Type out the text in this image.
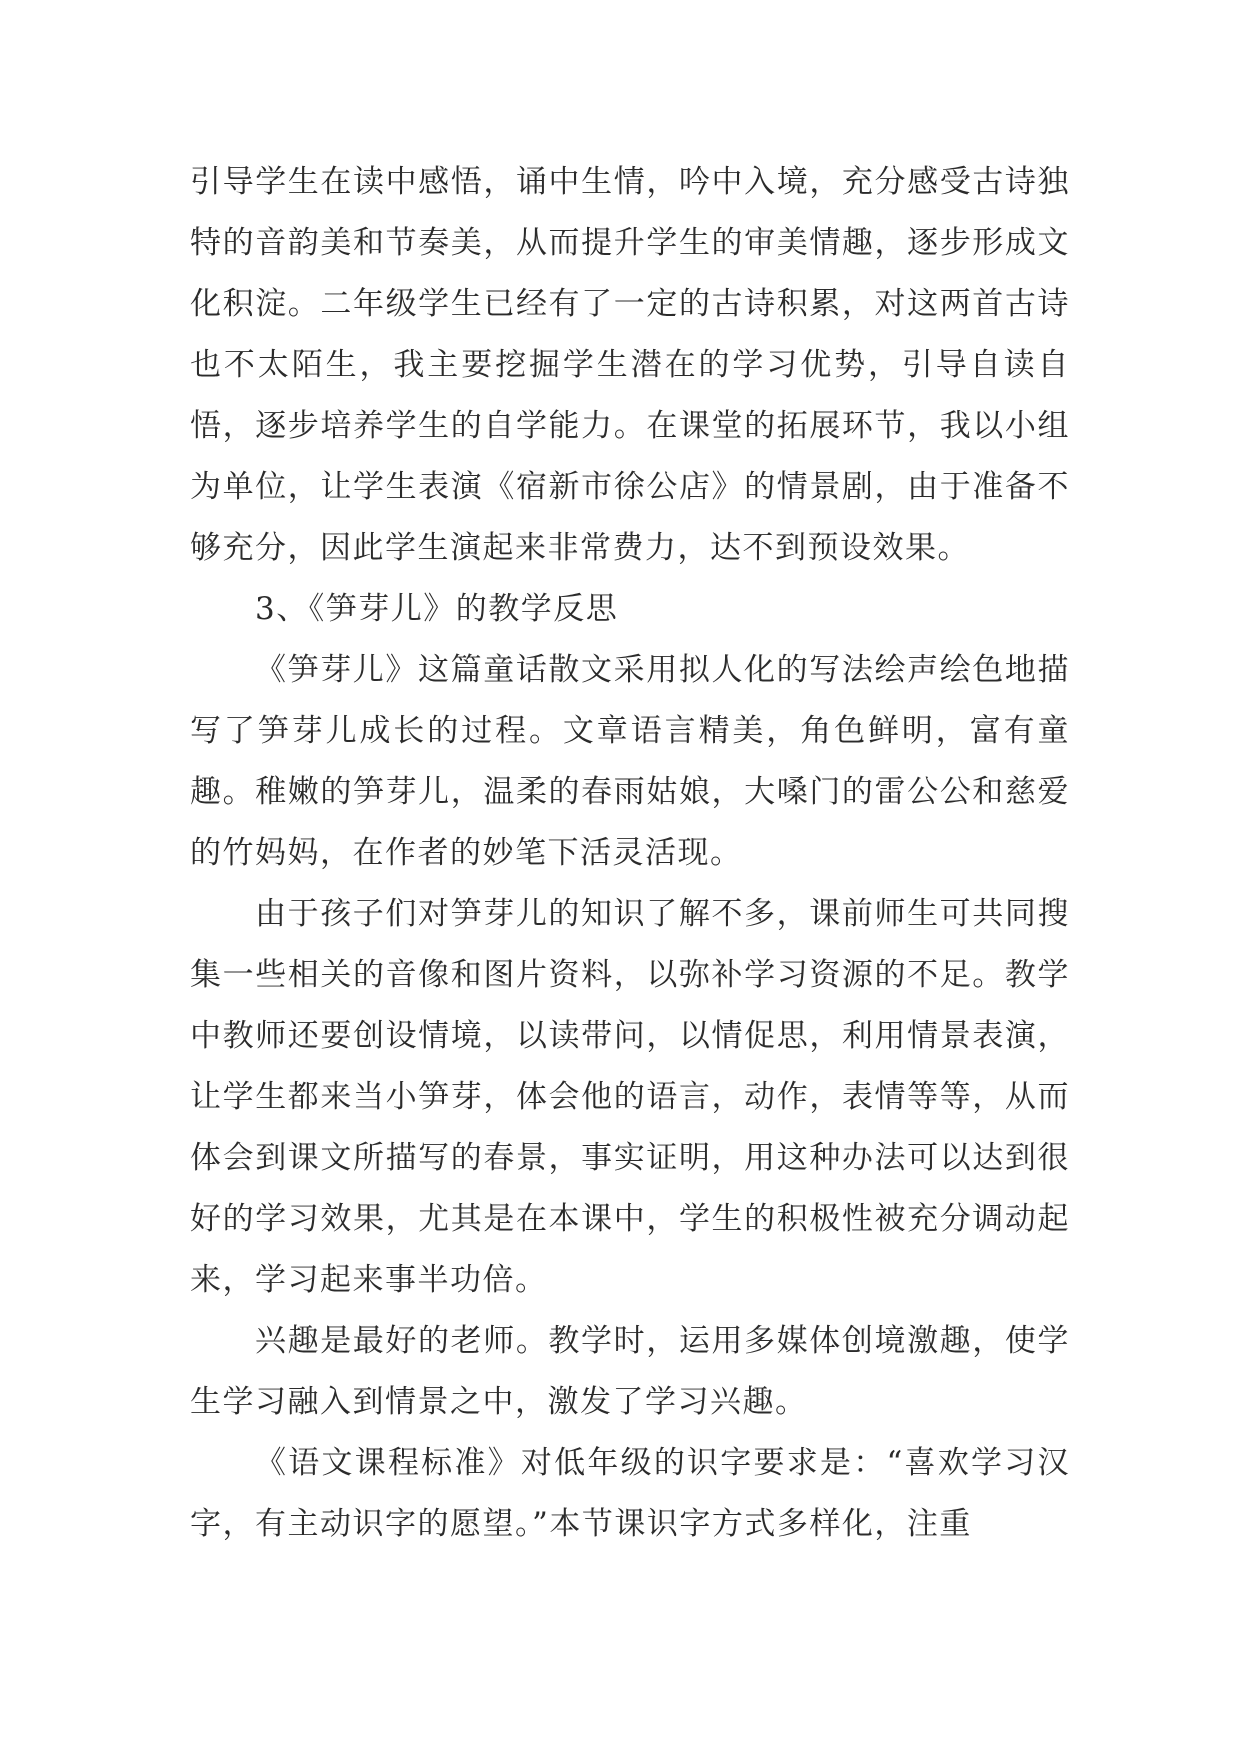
引导学生在读中感悟，诵中生情，吟中入境，充分感受古诗独特的音韵美和节奏美，从而提升学生的审美情趣，逐步形成文化积淀。二年级学生已经有了一定的古诗积累，对这两首古诗也不太陌生，我主要挖掘学生潜在的学习优势，引导自读自悟，逐步培养学生的自学能力。在课堂的拓展环节，我以小组为单位，让学生表演《宿新市徐公店》的情景剧，由于准备不够充分，因此学生演起来非常费力，达不到预设效果。

3、《笋芽儿》的教学反思

《笋芽儿》这篇童话散文采用拟人化的写法绘声绘色地描写了笋芽儿成长的过程。文章语言精美，角色鲜明，富有童趣。稚嫩的笋芽儿，温柔的春雨姑娘，大嗓门的雷公公和慈爱的竹妈妈，在作者的妙笔下活灵活现。

由于孩子们对笋芽儿的知识了解不多，课前师生可共同搜集一些相关的音像和图片资料，以弥补学习资源的不足。教学中教师还要创设情境，以读带问，以情促思，利用情景表演，让学生都来当小笋芽，体会他的语言，动作，表情等等，从而体会到课文所描写的春景，事实证明，用这种办法可以达到很好的学习效果，尤其是在本课中，学生的积极性被充分调动起来，学习起来事半功倍。

兴趣是最好的老师。教学时，运用多媒体创境激趣，使学生学习融入到情景之中，激发了学习兴趣。

《语文课程标准》对低年级的识字要求是：“喜欢学习汉字，有主动识字的愿望。”本节课识字方式多样化，注重
